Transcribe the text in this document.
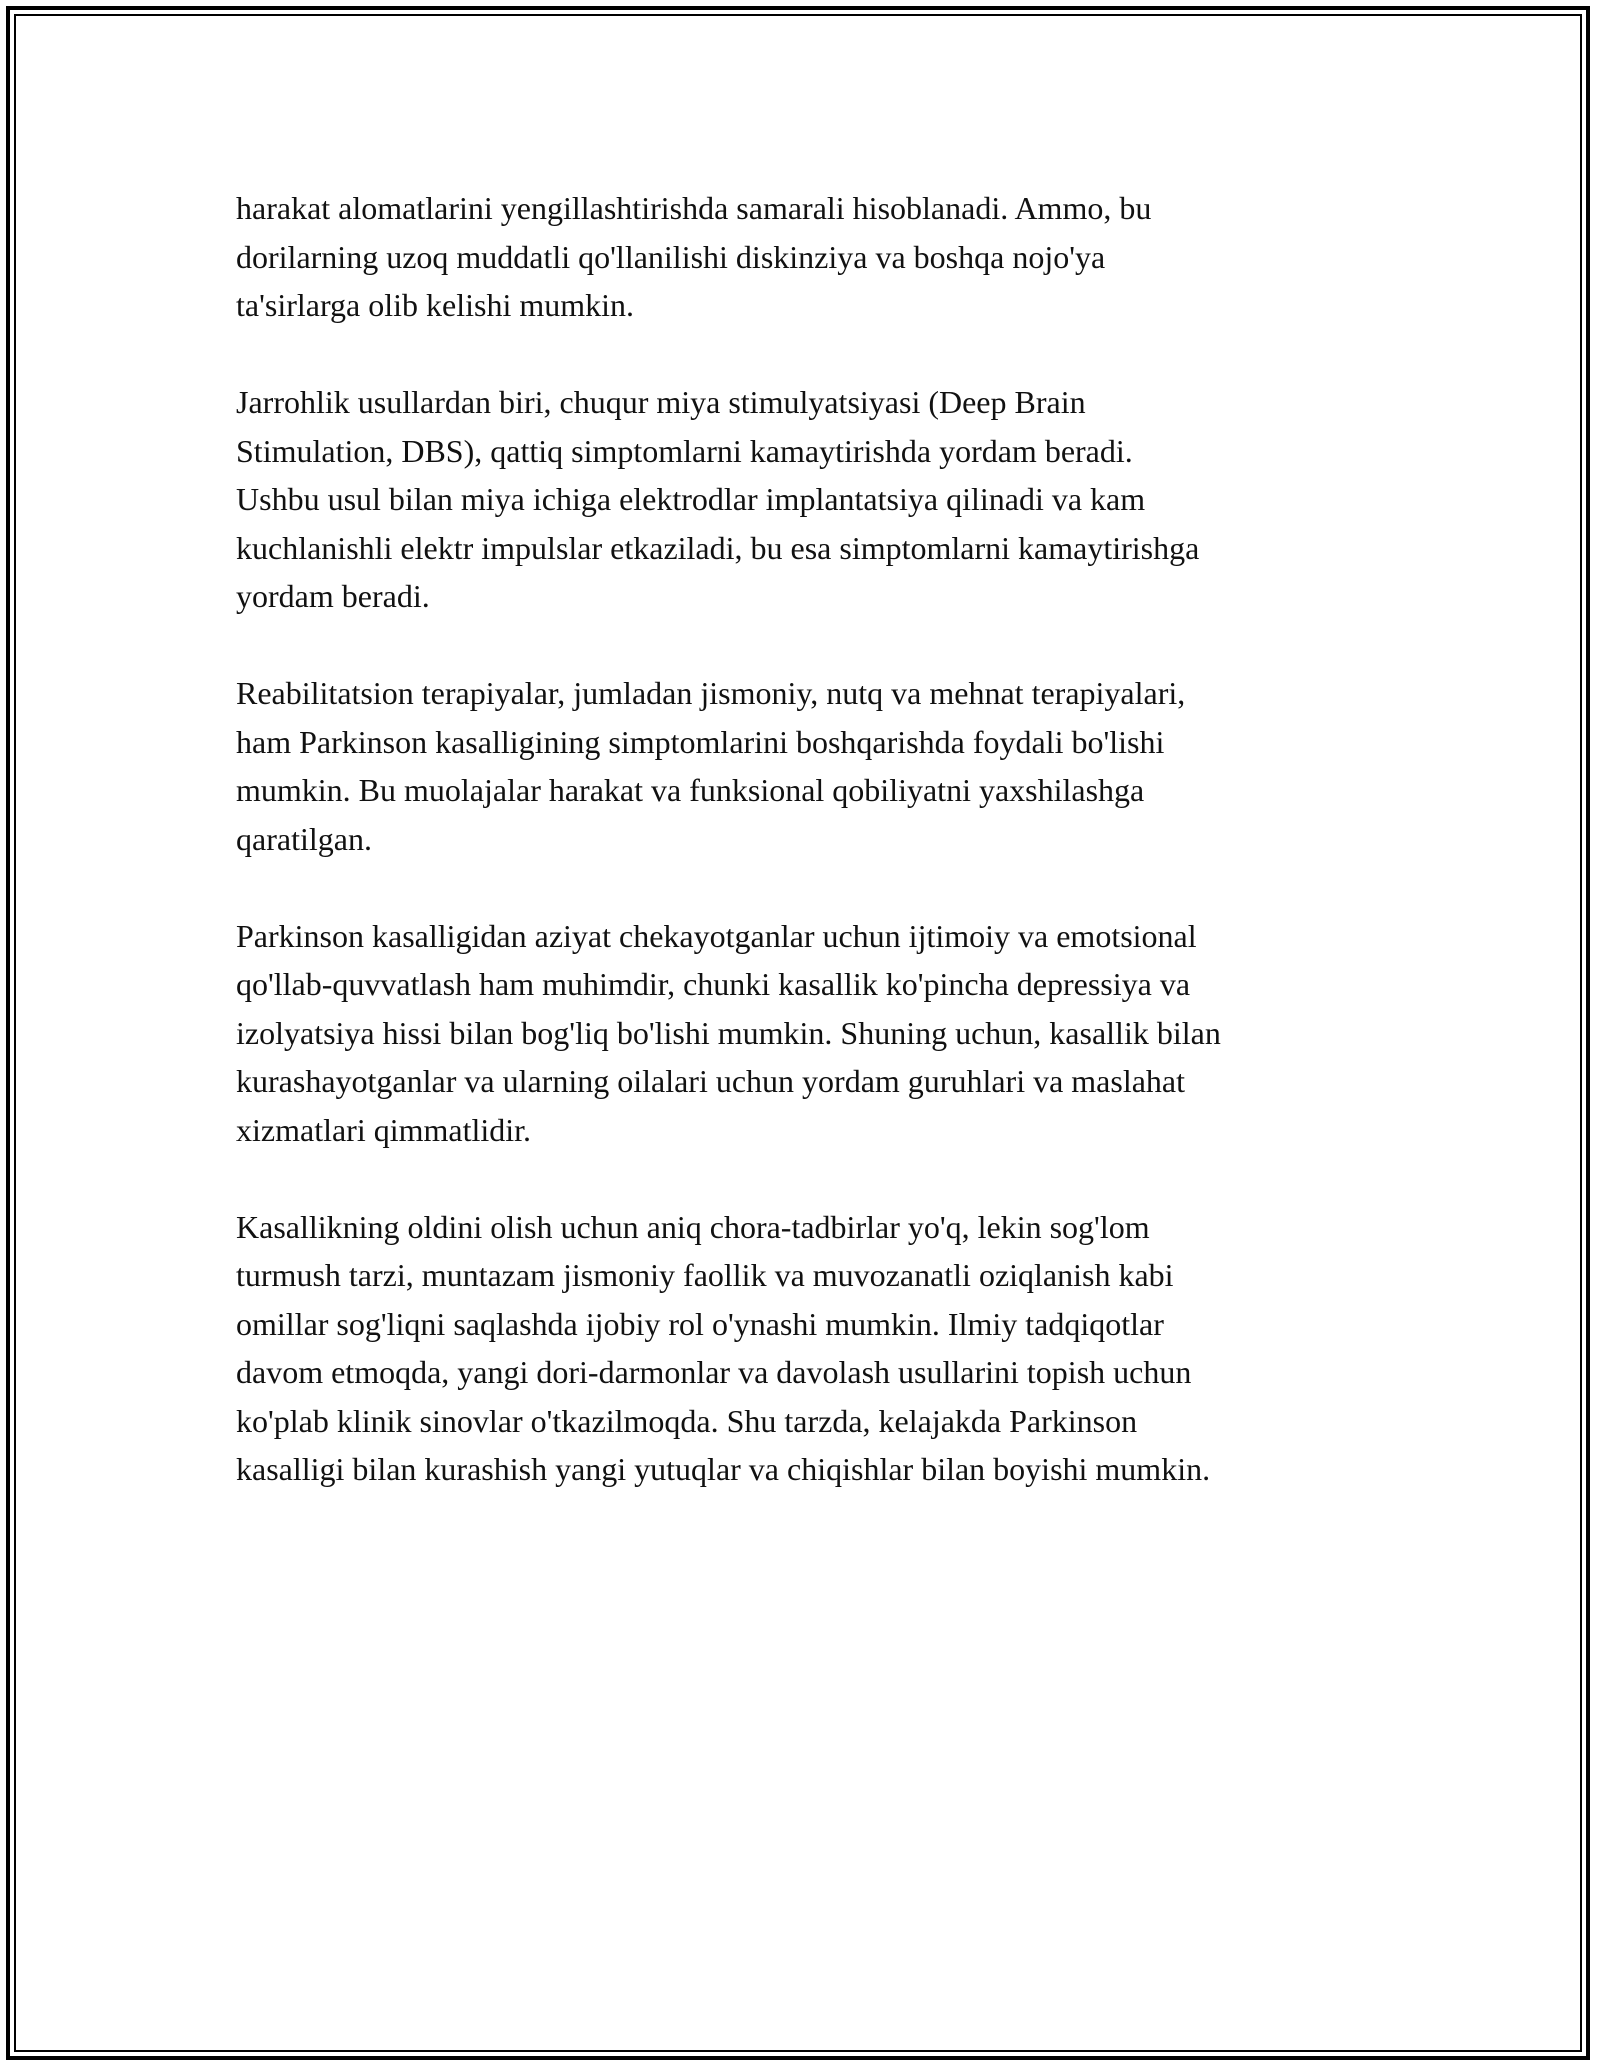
harakat alomatlarini yengillashtirishda samarali hisoblanadi. Ammo, bu
dorilarning uzoq muddatli qo'llanilishi diskinziya va boshqa nojo'ya
ta'sirlarga olib kelishi mumkin.

Jarrohlik usullardan biri, chuqur miya stimulyatsiyasi (Deep Brain
Stimulation, DBS), qattiq simptomlarni kamaytirishda yordam beradi.
Ushbu usul bilan miya ichiga elektrodlar implantatsiya qilinadi va kam
kuchlanishli elektr impulslar etkaziladi, bu esa simptomlarni kamaytirishga
yordam beradi.

Reabilitatsion terapiyalar, jumladan jismoniy, nutq va mehnat terapiyalari,
ham Parkinson kasalligining simptomlarini boshqarishda foydali bo'lishi
mumkin. Bu muolajalar harakat va funksional qobiliyatni yaxshilashga
qaratilgan.

Parkinson kasalligidan aziyat chekayotganlar uchun ijtimoiy va emotsional
qo'llab-quvvatlash ham muhimdir, chunki kasallik ko'pincha depressiya va
izolyatsiya hissi bilan bog'liq bo'lishi mumkin. Shuning uchun, kasallik bilan
kurashayotganlar va ularning oilalari uchun yordam guruhlari va maslahat
xizmatlari qimmatlidir.

Kasallikning oldini olish uchun aniq chora-tadbirlar yo'q, lekin sog'lom
turmush tarzi, muntazam jismoniy faollik va muvozanatli oziqlanish kabi
omillar sog'liqni saqlashda ijobiy rol o'ynashi mumkin. Ilmiy tadqiqotlar
davom etmoqda, yangi dori-darmonlar va davolash usullarini topish uchun
ko'plab klinik sinovlar o'tkazilmoqda. Shu tarzda, kelajakda Parkinson
kasalligi bilan kurashish yangi yutuqlar va chiqishlar bilan boyishi mumkin.
